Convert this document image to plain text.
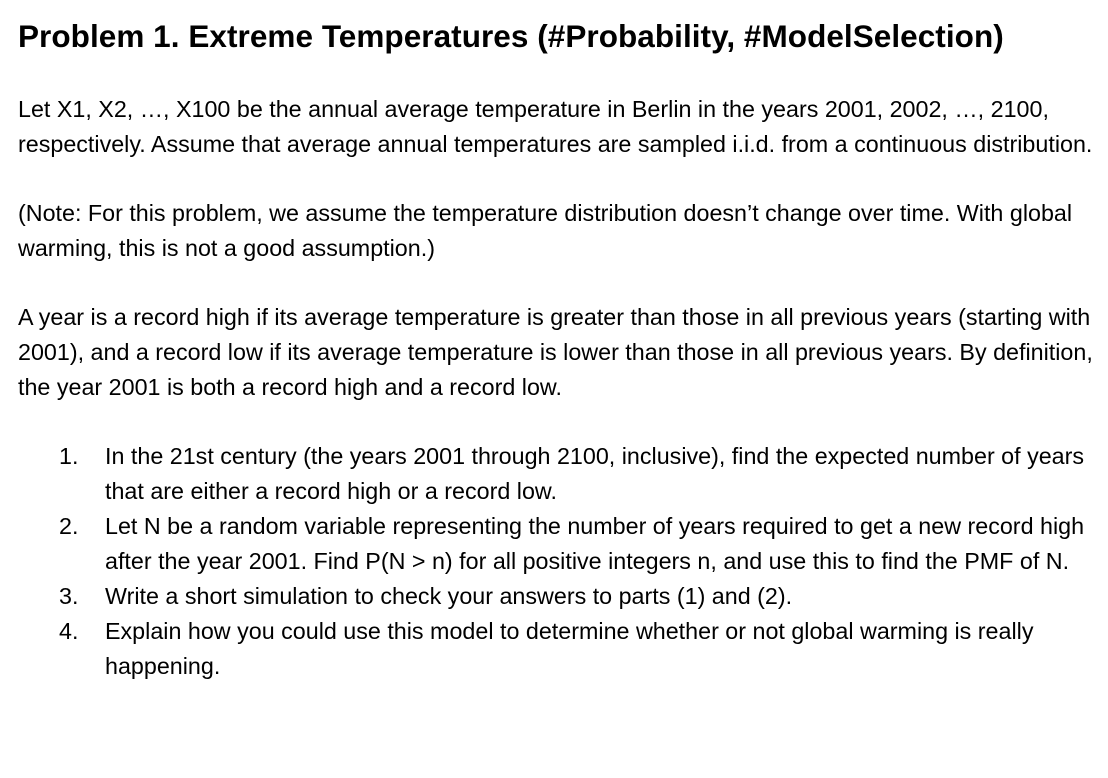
Problem 1. Extreme Temperatures (#Probability, #ModelSelection)

Let X1, X2, …, X100 be the annual average temperature in Berlin in the years 2001, 2002, …, 2100, respectively. Assume that average annual temperatures are sampled i.i.d. from a continuous distribution.

(Note: For this problem, we assume the temperature distribution doesn’t change over time. With global warming, this is not a good assumption.)

A year is a record high if its average temperature is greater than those in all previous years (starting with 2001), and a record low if its average temperature is lower than those in all previous years. By definition, the year 2001 is both a record high and a record low.

1. In the 21st century (the years 2001 through 2100, inclusive), find the expected number of years that are either a record high or a record low.
2. Let N be a random variable representing the number of years required to get a new record high after the year 2001. Find P(N > n) for all positive integers n, and use this to find the PMF of N.
3. Write a short simulation to check your answers to parts (1) and (2).
4. Explain how you could use this model to determine whether or not global warming is really happening.
